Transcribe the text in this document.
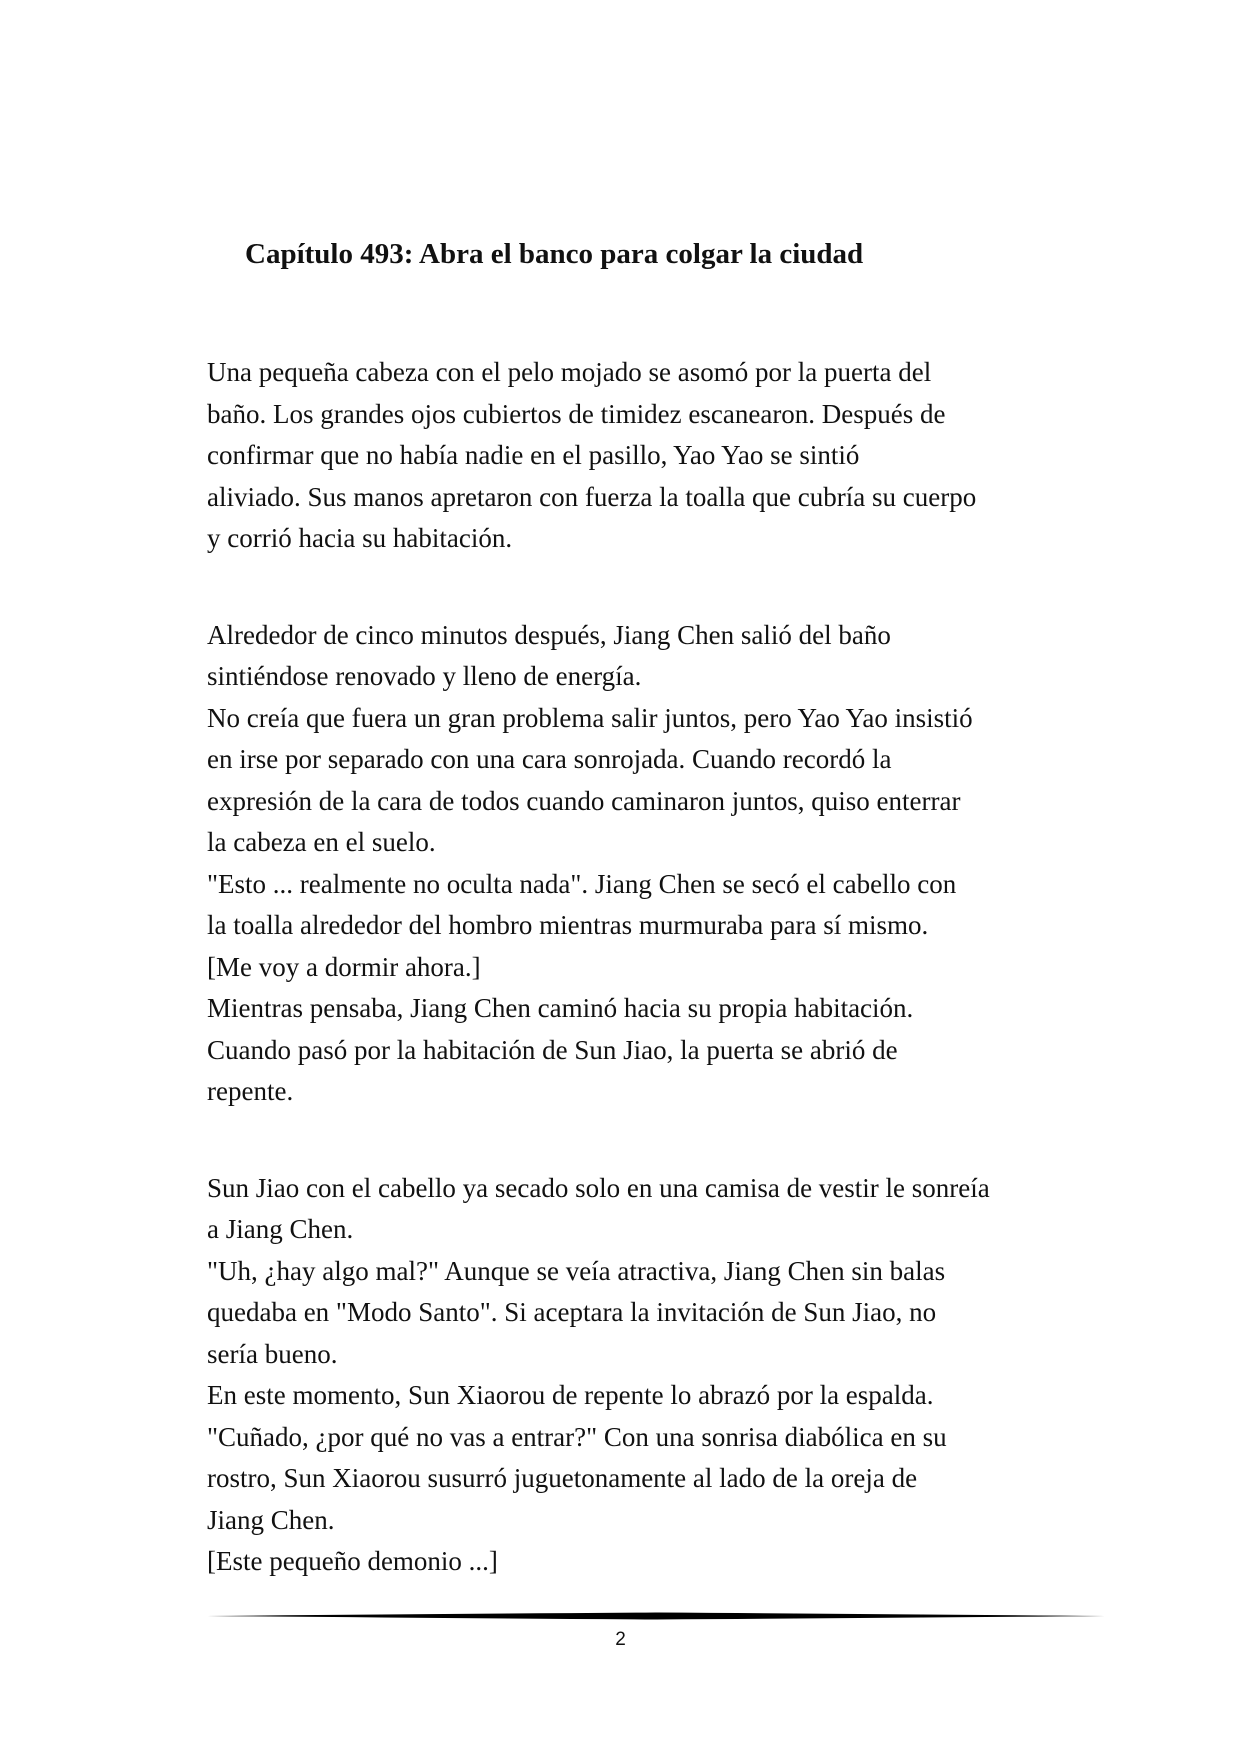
Capítulo 493: Abra el banco para colgar la ciudad

Una pequeña cabeza con el pelo mojado se asomó por la puerta del
baño. Los grandes ojos cubiertos de timidez escanearon. Después de
confirmar que no había nadie en el pasillo, Yao Yao se sintió
aliviado. Sus manos apretaron con fuerza la toalla que cubría su cuerpo
y corrió hacia su habitación.

Alrededor de cinco minutos después, Jiang Chen salió del baño
sintiéndose renovado y lleno de energía.
No creía que fuera un gran problema salir juntos, pero Yao Yao insistió
en irse por separado con una cara sonrojada. Cuando recordó la
expresión de la cara de todos cuando caminaron juntos, quiso enterrar
la cabeza en el suelo.
"Esto ... realmente no oculta nada". Jiang Chen se secó el cabello con
la toalla alrededor del hombro mientras murmuraba para sí mismo.
[Me voy a dormir ahora.]
Mientras pensaba, Jiang Chen caminó hacia su propia habitación.
Cuando pasó por la habitación de Sun Jiao, la puerta se abrió de
repente.

Sun Jiao con el cabello ya secado solo en una camisa de vestir le sonreía
a Jiang Chen.
"Uh, ¿hay algo mal?" Aunque se veía atractiva, Jiang Chen sin balas
quedaba en "Modo Santo". Si aceptara la invitación de Sun Jiao, no
sería bueno.
En este momento, Sun Xiaorou de repente lo abrazó por la espalda.
"Cuñado, ¿por qué no vas a entrar?" Con una sonrisa diabólica en su
rostro, Sun Xiaorou susurró juguetonamente al lado de la oreja de
Jiang Chen.
[Este pequeño demonio ...]

2
